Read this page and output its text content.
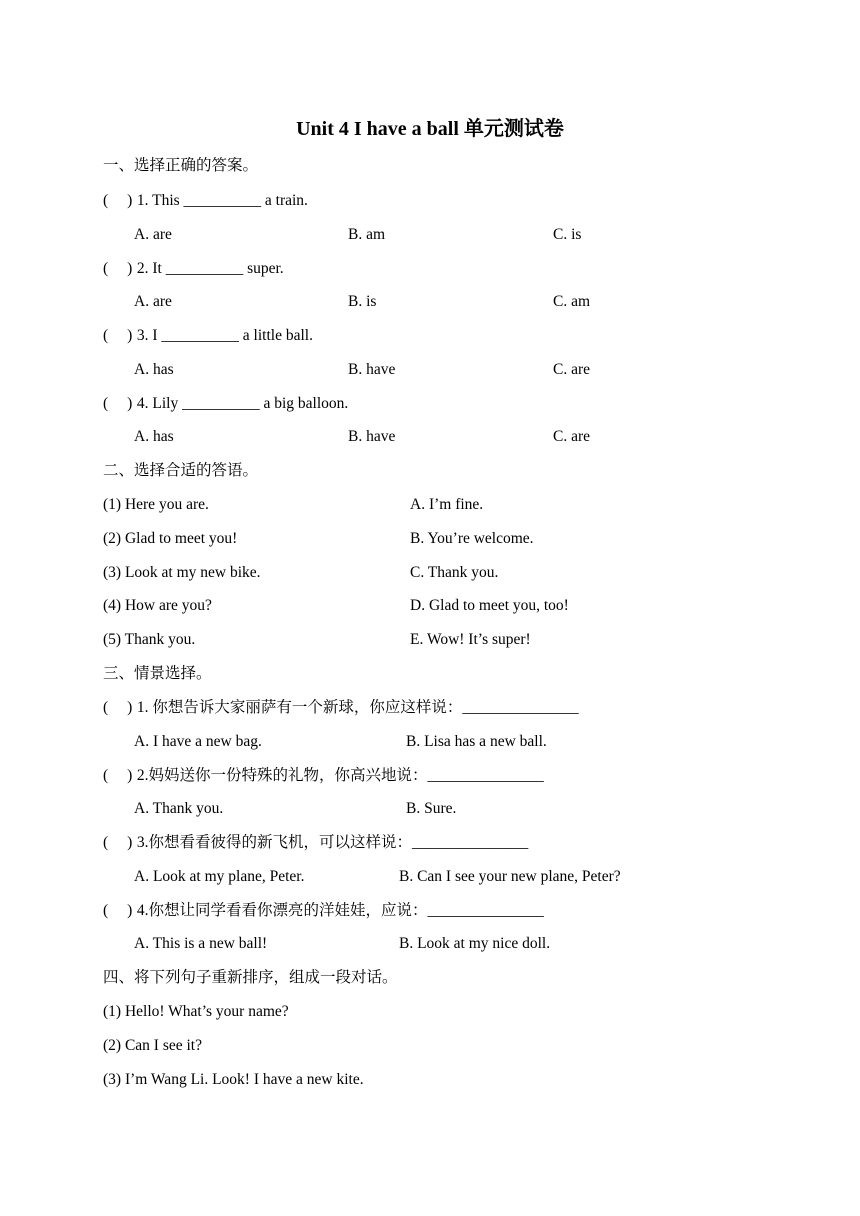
Unit 4 I have a ball 单元测试卷
一、选择正确的答案。
( ) 1. This __________ a train.
A. are	B. am	C. is
( ) 2. It __________ super.
A. are	B. is	C. am
( ) 3. I __________ a little ball.
A. has	B. have	C. are
( ) 4. Lily __________ a big balloon.
A. has	B. have	C. are
二、选择合适的答语。
(1) Here you are.	A. I’m fine.
(2) Glad to meet you!	B. You’re welcome.
(3) Look at my new bike.	C. Thank you.
(4) How are you?	D. Glad to meet you, too!
(5) Thank you.	E. Wow! It’s super!
三、情景选择。
( ) 1. 你想告诉大家丽萨有一个新球，你应这样说：_______________
A. I have a new bag.	B. Lisa has a new ball.
( ) 2.妈妈送你一份特殊的礼物，你高兴地说：_______________
A. Thank you.	B. Sure.
( ) 3.你想看看彼得的新飞机，可以这样说：_______________
A. Look at my plane, Peter.	B. Can I see your new plane, Peter?
( ) 4.你想让同学看看你漂亮的洋娃娃，应说：_______________
A. This is a new ball!	B. Look at my nice doll.
四、将下列句子重新排序，组成一段对话。
(1) Hello! What’s your name?
(2) Can I see it?
(3) I’m Wang Li. Look! I have a new kite.
